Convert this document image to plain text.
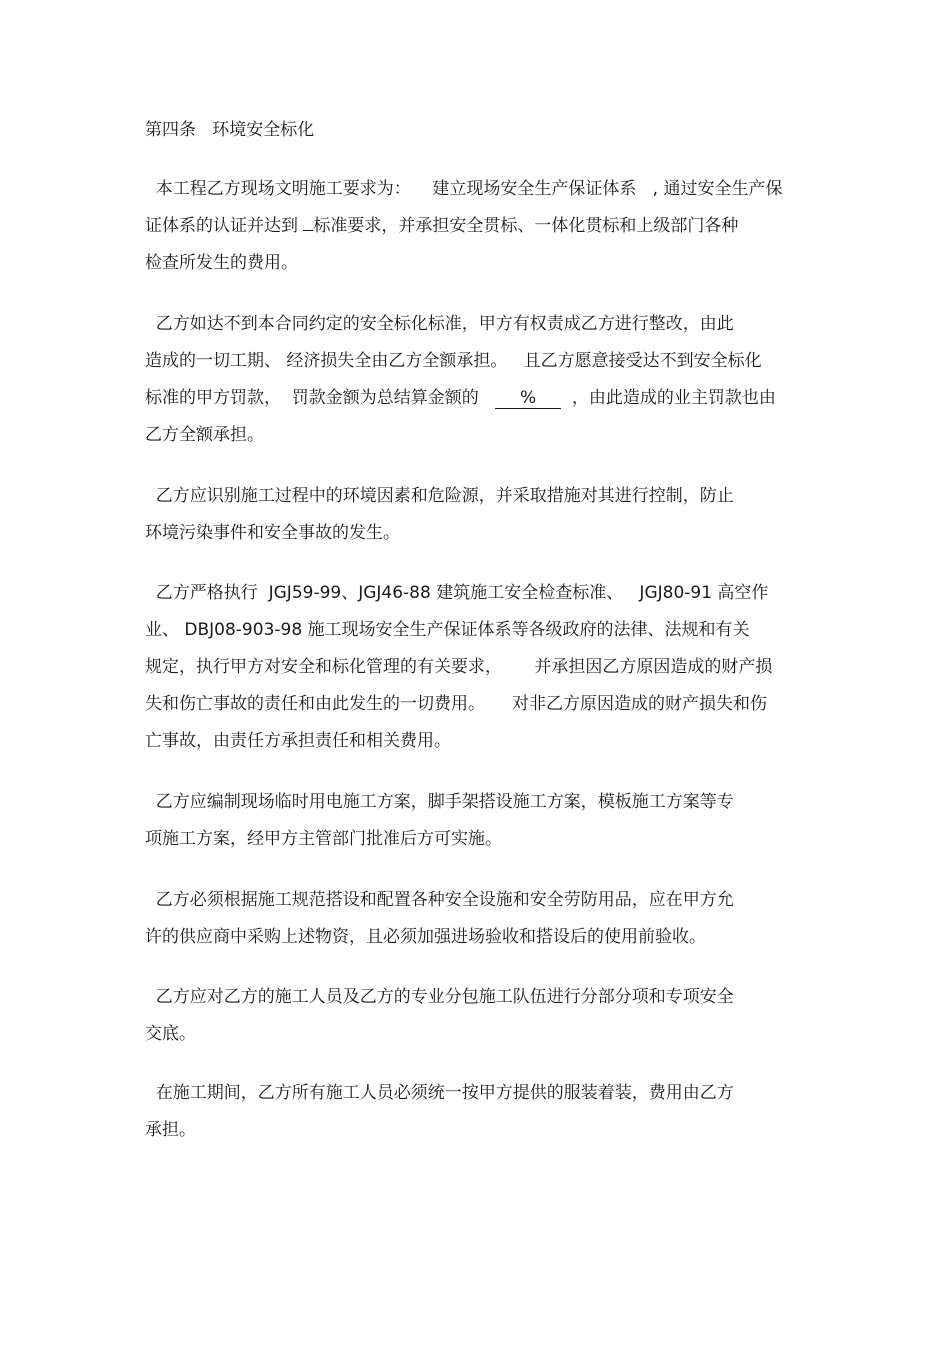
第四条   环境安全标化
本工程乙方现场文明施工要求为：    建立现场安全生产保证体系   , 通过安全生产保
证体系的认证并达到 标准要求，并承担安全贯标、一体化贯标和上级部门各种
检查所发生的费用。
乙方如达不到本合同约定的安全标化标准，甲方有权责成乙方进行整改，由此
造成的一切工期、 经济损失全由乙方全额承担。   且乙方愿意接受达不到安全标化
标准的甲方罚款，  罚款金额为总结算金额的   %  ，由此造成的业主罚款也由
乙方全额承担。
乙方应识别施工过程中的环境因素和危险源，并采取措施对其进行控制，防止
环境污染事件和安全事故的发生。
乙方严格执行  JGJ59-99、JGJ46-88 建筑施工安全检查标准、   JGJ80-91 高空作
业、 DBJ08-903-98 施工现场安全生产保证体系等各级政府的法律、法规和有关
规定，执行甲方对安全和标化管理的有关要求，      并承担因乙方原因造成的财产损
失和伤亡事故的责任和由此发生的一切费用。     对非乙方原因造成的财产损失和伤
亡事故，由责任方承担责任和相关费用。
乙方应编制现场临时用电施工方案，脚手架搭设施工方案，模板施工方案等专
项施工方案，经甲方主管部门批准后方可实施。
乙方必须根据施工规范搭设和配置各种安全设施和安全劳防用品，应在甲方允
许的供应商中采购上述物资，且必须加强进场验收和搭设后的使用前验收。
乙方应对乙方的施工人员及乙方的专业分包施工队伍进行分部分项和专项安全
交底。
在施工期间，乙方所有施工人员必须统一按甲方提供的服装着装，费用由乙方
承担。
